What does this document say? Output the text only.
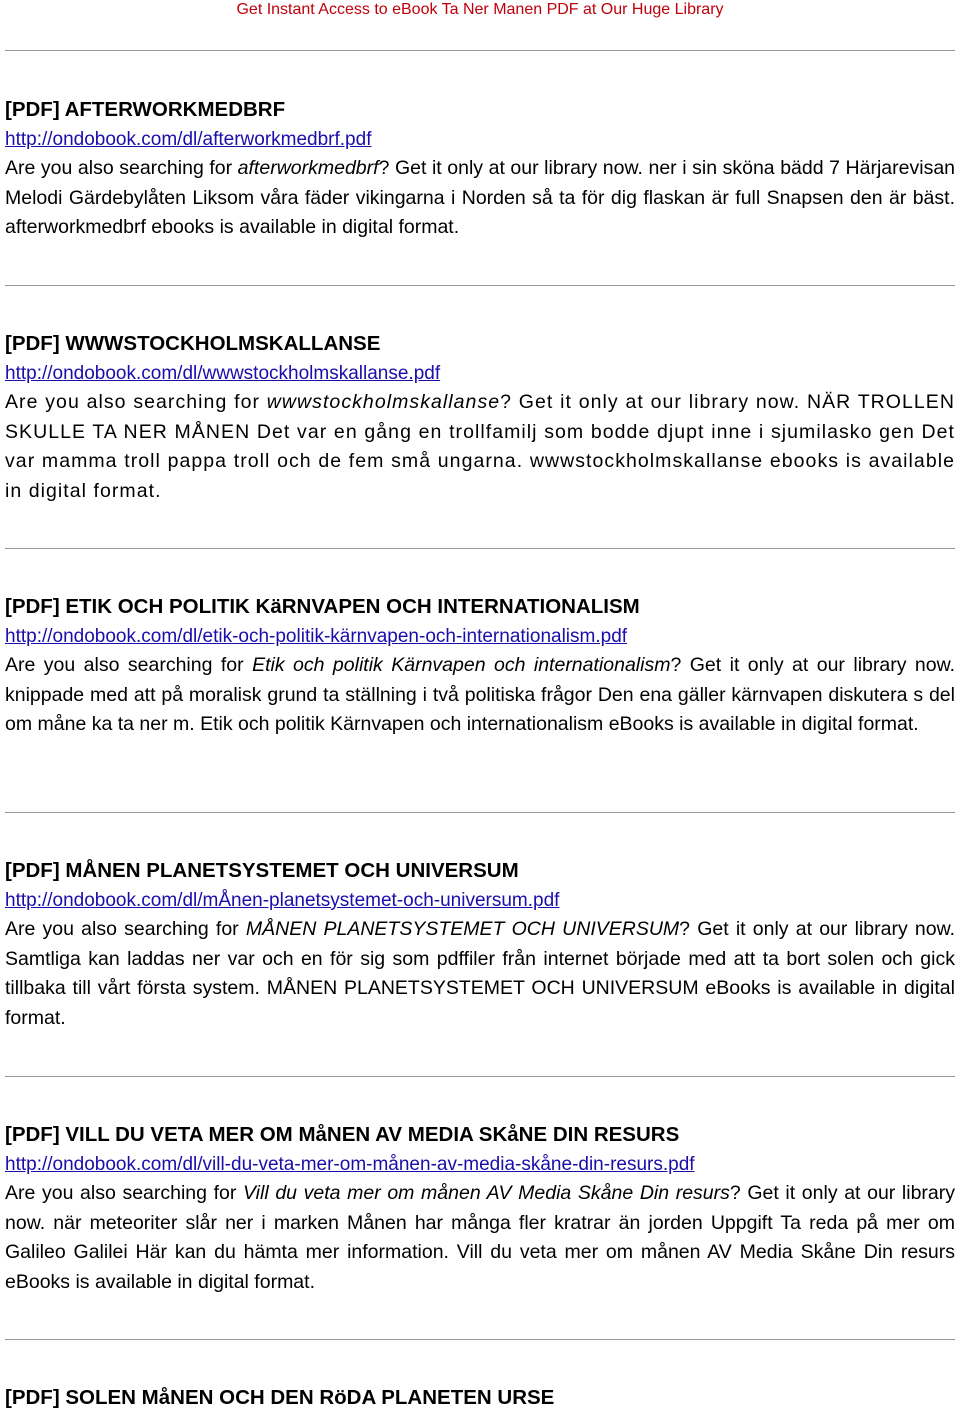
Get Instant Access to eBook Ta Ner Manen PDF at Our Huge Library
[PDF] AFTERWORKMEDBRF
http://ondobook.com/dl/afterworkmedbrf.pdf

Are you also searching for afterworkmedbrf? Get it only at our library now. ner i sin sköna bädd 7 Härjarevisan Melodi Gärdebylåten Liksom våra fäder vikingarna i Norden så ta för dig flaskan är full Snapsen den är bäst. afterworkmedbrf ebooks is available in digital format.

[PDF] WWWSTOCKHOLMSKALLANSE
http://ondobook.com/dl/wwwstockholmskallanse.pdf

Are you also searching for wwwstockholmskallanse? Get it only at our library now. NÄR TROLLEN SKULLE TA NER MÅNEN Det var en gång en trollfamilj som bodde djupt inne i sjumilasko gen Det var mamma troll pappa troll och de fem små ungarna. wwwstockholmskallanse ebooks is available in digital format.

[PDF] ETIK OCH POLITIK KäRNVAPEN OCH INTERNATIONALISM
http://ondobook.com/dl/etik-och-politik-kärnvapen-och-internationalism.pdf

Are you also searching for Etik och politik Kärnvapen och internationalism? Get it only at our library now. knippade med att på moralisk grund ta ställning i två politiska frågor Den ena gäller kärnvapen diskutera s del om måne ka ta ner m. Etik och politik Kärnvapen och internationalism eBooks is available in digital format.

[PDF] MÅNEN PLANETSYSTEMET OCH UNIVERSUM
http://ondobook.com/dl/mÅnen-planetsystemet-och-universum.pdf

Are you also searching for MÅNEN PLANETSYSTEMET OCH UNIVERSUM? Get it only at our library now. Samtliga kan laddas ner var och en för sig som pdffiler från internet började med att ta bort solen och gick tillbaka till vårt första system. MÅNEN PLANETSYSTEMET OCH UNIVERSUM eBooks is available in digital format.

[PDF] VILL DU VETA MER OM MåNEN AV MEDIA SKåNE DIN RESURS
http://ondobook.com/dl/vill-du-veta-mer-om-månen-av-media-skåne-din-resurs.pdf

Are you also searching for Vill du veta mer om månen AV Media Skåne Din resurs? Get it only at our library now. när meteoriter slår ner i marken Månen har många fler kratrar än jorden Uppgift Ta reda på mer om Galileo Galilei Här kan du hämta mer information. Vill du veta mer om månen AV Media Skåne Din resurs eBooks is available in digital format.

[PDF] SOLEN MåNEN OCH DEN RöDA PLANETEN URSE
